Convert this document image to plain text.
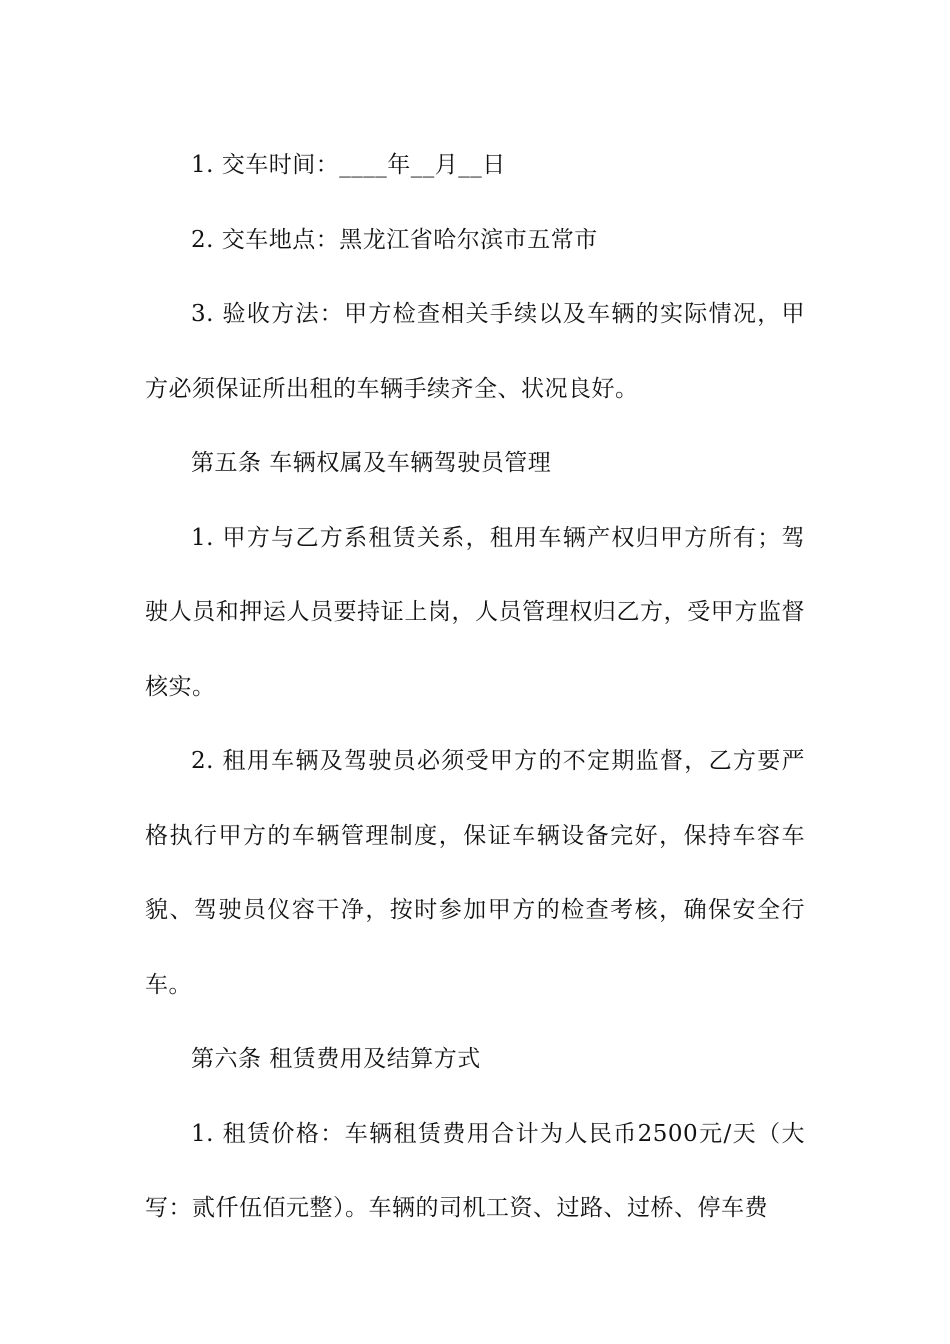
1. 交车时间：____年__月__日

2. 交车地点：黑龙江省哈尔滨市五常市

3. 验收方法：甲方检查相关手续以及车辆的实际情况，甲方必须保证所出租的车辆手续齐全、状况良好。

第五条 车辆权属及车辆驾驶员管理

1. 甲方与乙方系租赁关系，租用车辆产权归甲方所有；驾驶人员和押运人员要持证上岗，人员管理权归乙方，受甲方监督核实。

2. 租用车辆及驾驶员必须受甲方的不定期监督，乙方要严格执行甲方的车辆管理制度，保证车辆设备完好，保持车容车貌、驾驶员仪容干净，按时参加甲方的检查考核，确保安全行车。

第六条 租赁费用及结算方式

1. 租赁价格：车辆租赁费用合计为人民币2500元/天（大写：贰仟伍佰元整）。车辆的司机工资、过路、过桥、停车费
